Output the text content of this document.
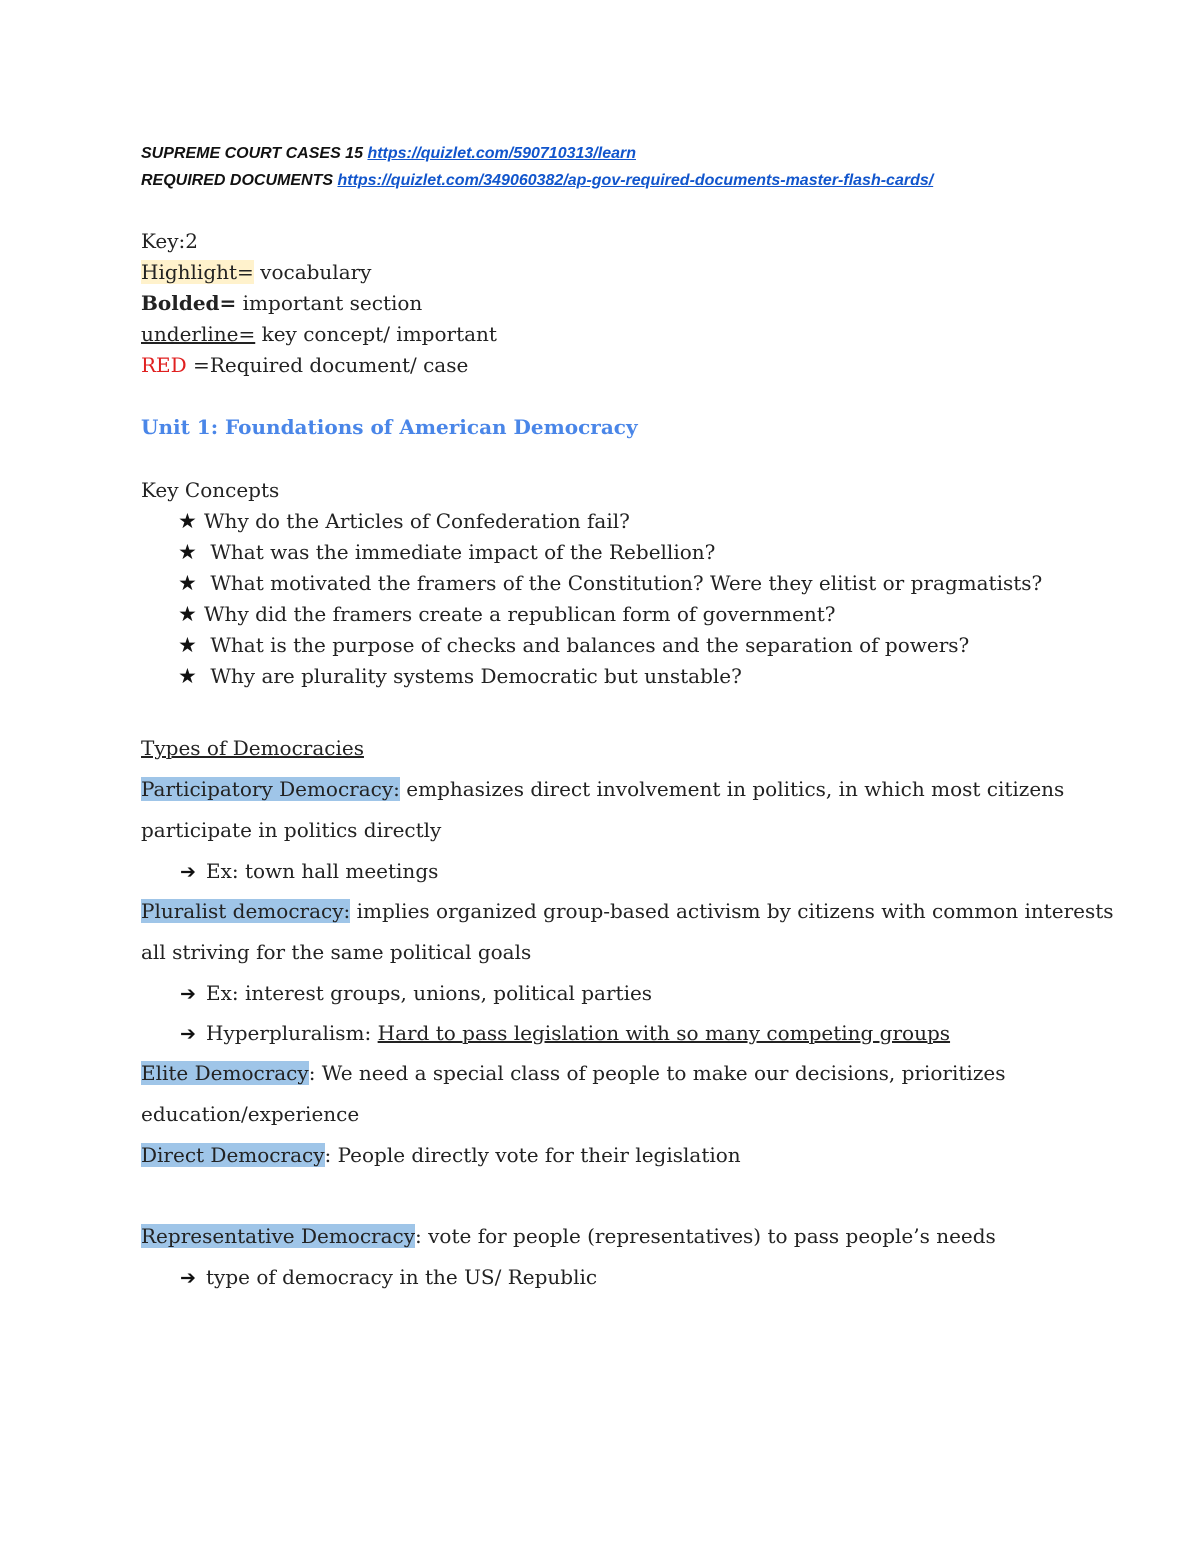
SUPREME COURT CASES 15 https://quizlet.com/590710313/learn
REQUIRED DOCUMENTS https://quizlet.com/349060382/ap-gov-required-documents-master-flash-cards/
Key:2
Highlight= vocabulary
Bolded= important section
underline= key concept/ important
RED =Required document/ case
Unit 1: Foundations of American Democracy
Key Concepts
★ Why do the Articles of Confederation fail?
★ What was the immediate impact of the Rebellion?
★ What motivated the framers of the Constitution? Were they elitist or pragmatists?
★ Why did the framers create a republican form of government?
★ What is the purpose of checks and balances and the separation of powers?
★ Why are plurality systems Democratic but unstable?
Types of Democracies
Participatory Democracy: emphasizes direct involvement in politics, in which most citizens
participate in politics directly
➔ Ex: town hall meetings
Pluralist democracy: implies organized group-based activism by citizens with common interests
all striving for the same political goals
➔ Ex: interest groups, unions, political parties
➔ Hyperpluralism: Hard to pass legislation with so many competing groups
Elite Democracy: We need a special class of people to make our decisions, prioritizes
education/experience
Direct Democracy: People directly vote for their legislation
Representative Democracy: vote for people (representatives) to pass people’s needs
➔ type of democracy in the US/ Republic
